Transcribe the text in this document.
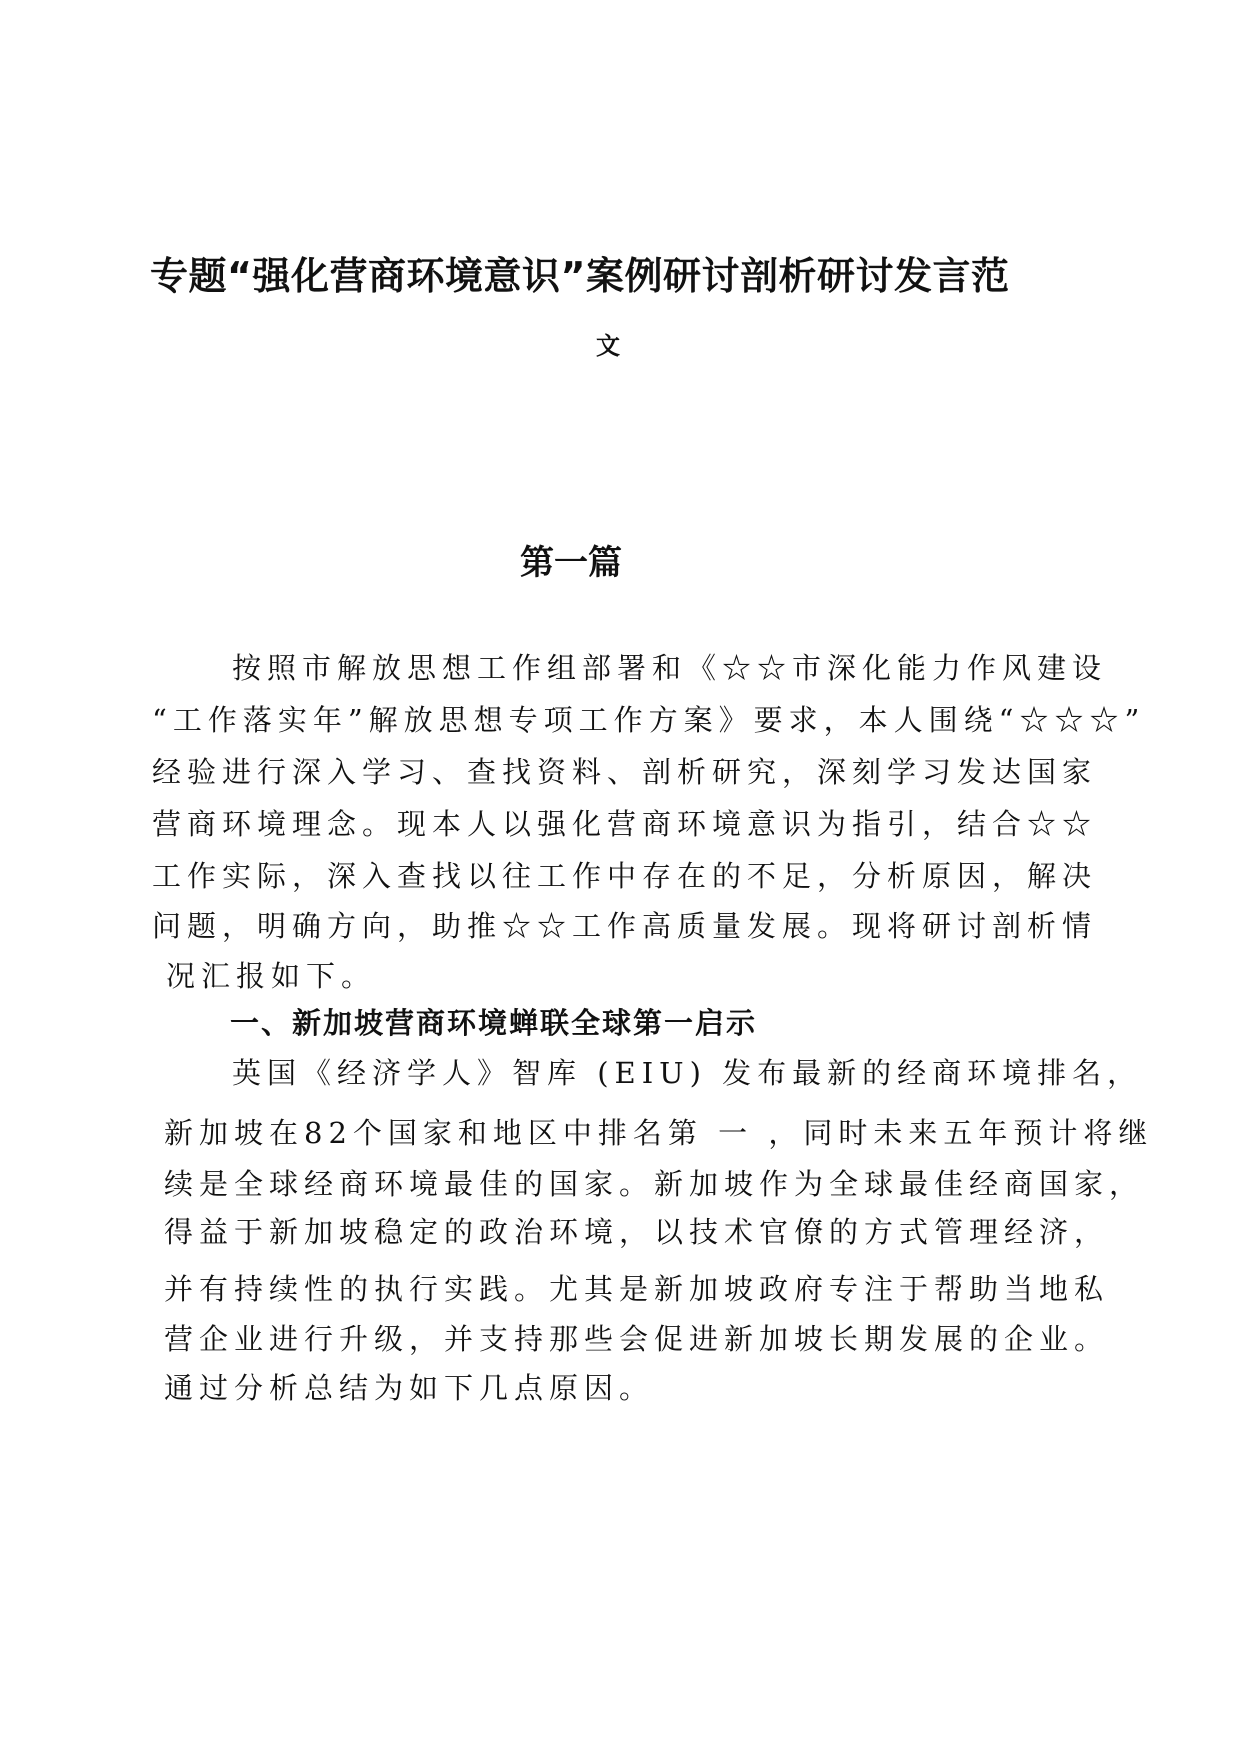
专题“强化营商环境意识”案例研讨剖析研讨发言范
文
第一篇
按照市解放思想工作组部署和《☆☆市深化能力作风建设
“工作落实年”解放思想专项工作方案》要求，本人围绕“☆☆☆”
经验进行深入学习、查找资料、剖析研究，深刻学习发达国家
营商环境理念。现本人以强化营商环境意识为指引，结合☆☆
工作实际，深入查找以往工作中存在的不足，分析原因，解决
问题，明确方向，助推☆☆工作高质量发展。现将研讨剖析情
况汇报如下。
一、新加坡营商环境蝉联全球第一启示
英国《经济学人》智库 (EIU) 发布最新的经商环境排名，
新加坡在82个国家和地区中排名第 一 ，同时未来五年预计将继
续是全球经商环境最佳的国家。新加坡作为全球最佳经商国家，
得益于新加坡稳定的政治环境，以技术官僚的方式管理经济，
并有持续性的执行实践。尤其是新加坡政府专注于帮助当地私
营企业进行升级，并支持那些会促进新加坡长期发展的企业。
通过分析总结为如下几点原因。
